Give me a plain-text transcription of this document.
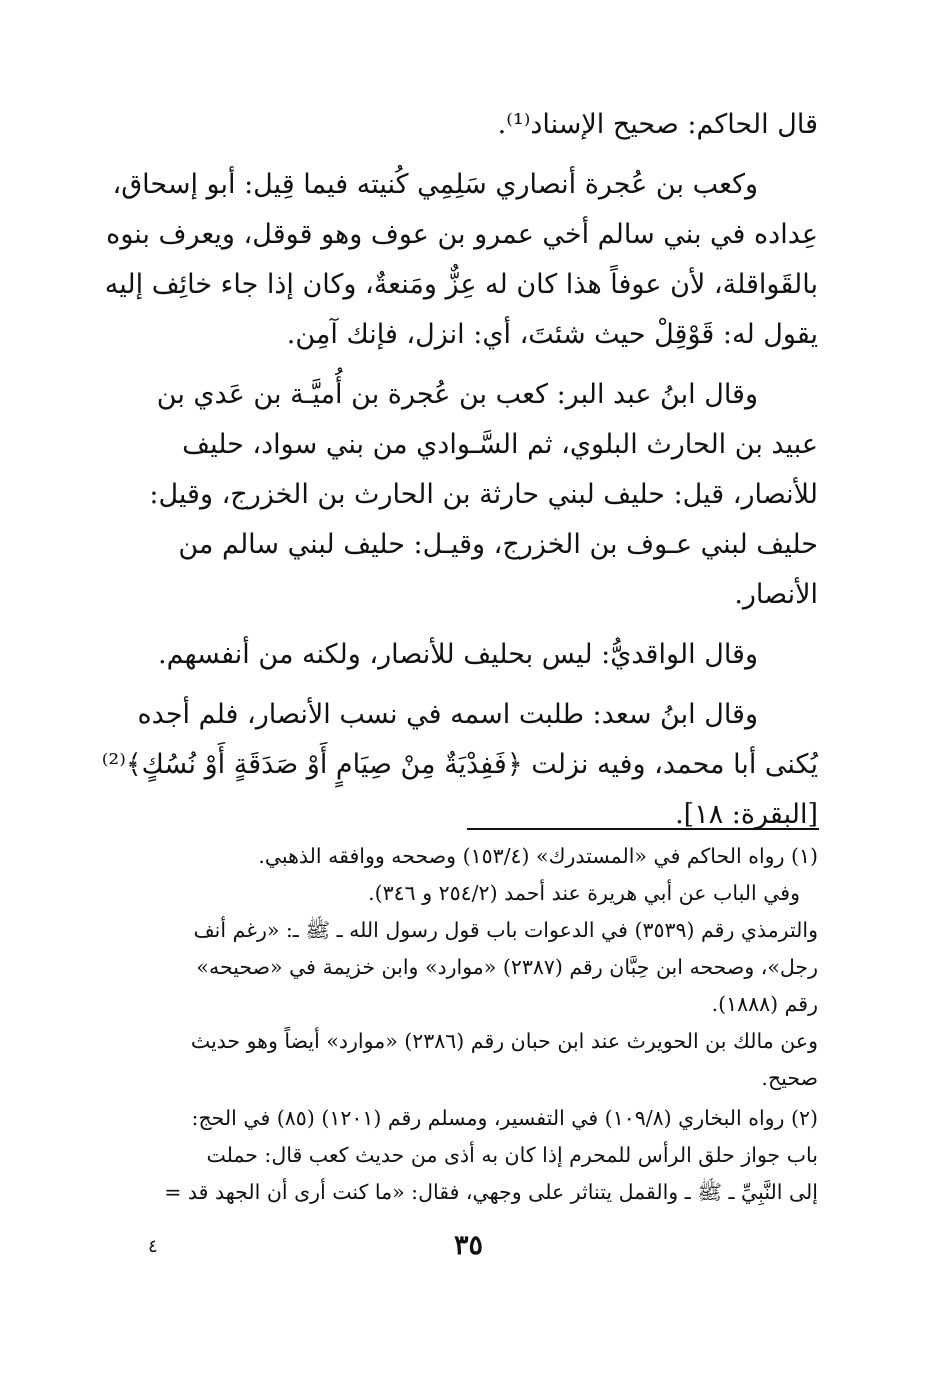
قال الحاكم: صحيح الإسناد⁽¹⁾.
وكعب بن عُجرة أنصاري سَلِمِي كُنيته فيما قِيل: أبو إسحاق،
عِداده في بني سالم أخي عمرو بن عوف وهو قوقل، ويعرف بنوه
بالقَواقلة، لأن عوفاً هذا كان له عِزٌّ ومَنعةٌ، وكان إذا جاء خائِف إليه
يقول له: قَوْقِلْ حيث شئتَ، أي: انزل، فإنك آمِن.
وقال ابنُ عبد البر: كعب بن عُجرة بن أُميَّـة بن عَدي بن
عبيد بن الحارث البلوي، ثم السَّـوادي من بني سواد، حليف
للأنصار، قيل: حليف لبني حارثة بن الحارث بن الخزرج، وقيل:
حليف لبني عـوف بن الخزرج، وقيـل: حليف لبني سالم من
الأنصار.
وقال الواقديُّ: ليس بحليف للأنصار، ولكنه من أنفسهم.
وقال ابنُ سعد: طلبت اسمه في نسب الأنصار، فلم أجده
يُكنى أبا محمد، وفيه نزلت ﴿فَفِدْيَةٌ مِنْ صِيَامٍ أَوْ صَدَقَةٍ أَوْ نُسُكٍ﴾⁽²⁾
[البقرة: ١٨].
(١) رواه الحاكم في «المستدرك» (١٥٣/٤) وصححه ووافقه الذهبي.
وفي الباب عن أبي هريرة عند أحمد (٢٥٤/٢ و ٣٤٦).
والترمذي رقم (٣٥٣٩) في الدعوات باب قول رسول الله ـ ﷺ ـ: «رغم أنف
رجل»، وصححه ابن حِبَّان رقم (٢٣٨٧) «موارد» وابن خزيمة في «صحيحه»
رقم (١٨٨٨).
وعن مالك بن الحويرث عند ابن حبان رقم (٢٣٨٦) «موارد» أيضاً وهو حديث
صحيح.
(٢) رواه البخاري (١٠٩/٨) في التفسير، ومسلم رقم (١٢٠١) (٨٥) في الحج:
باب جواز حلق الرأس للمحرم إذا كان به أذى من حديث كعب قال: حملت
إلى النَّبِيِّ ـ ﷺ ـ والقمل يتناثر على وجهي، فقال: «ما كنت أرى أن الجهد قد =
٣٥
٤
